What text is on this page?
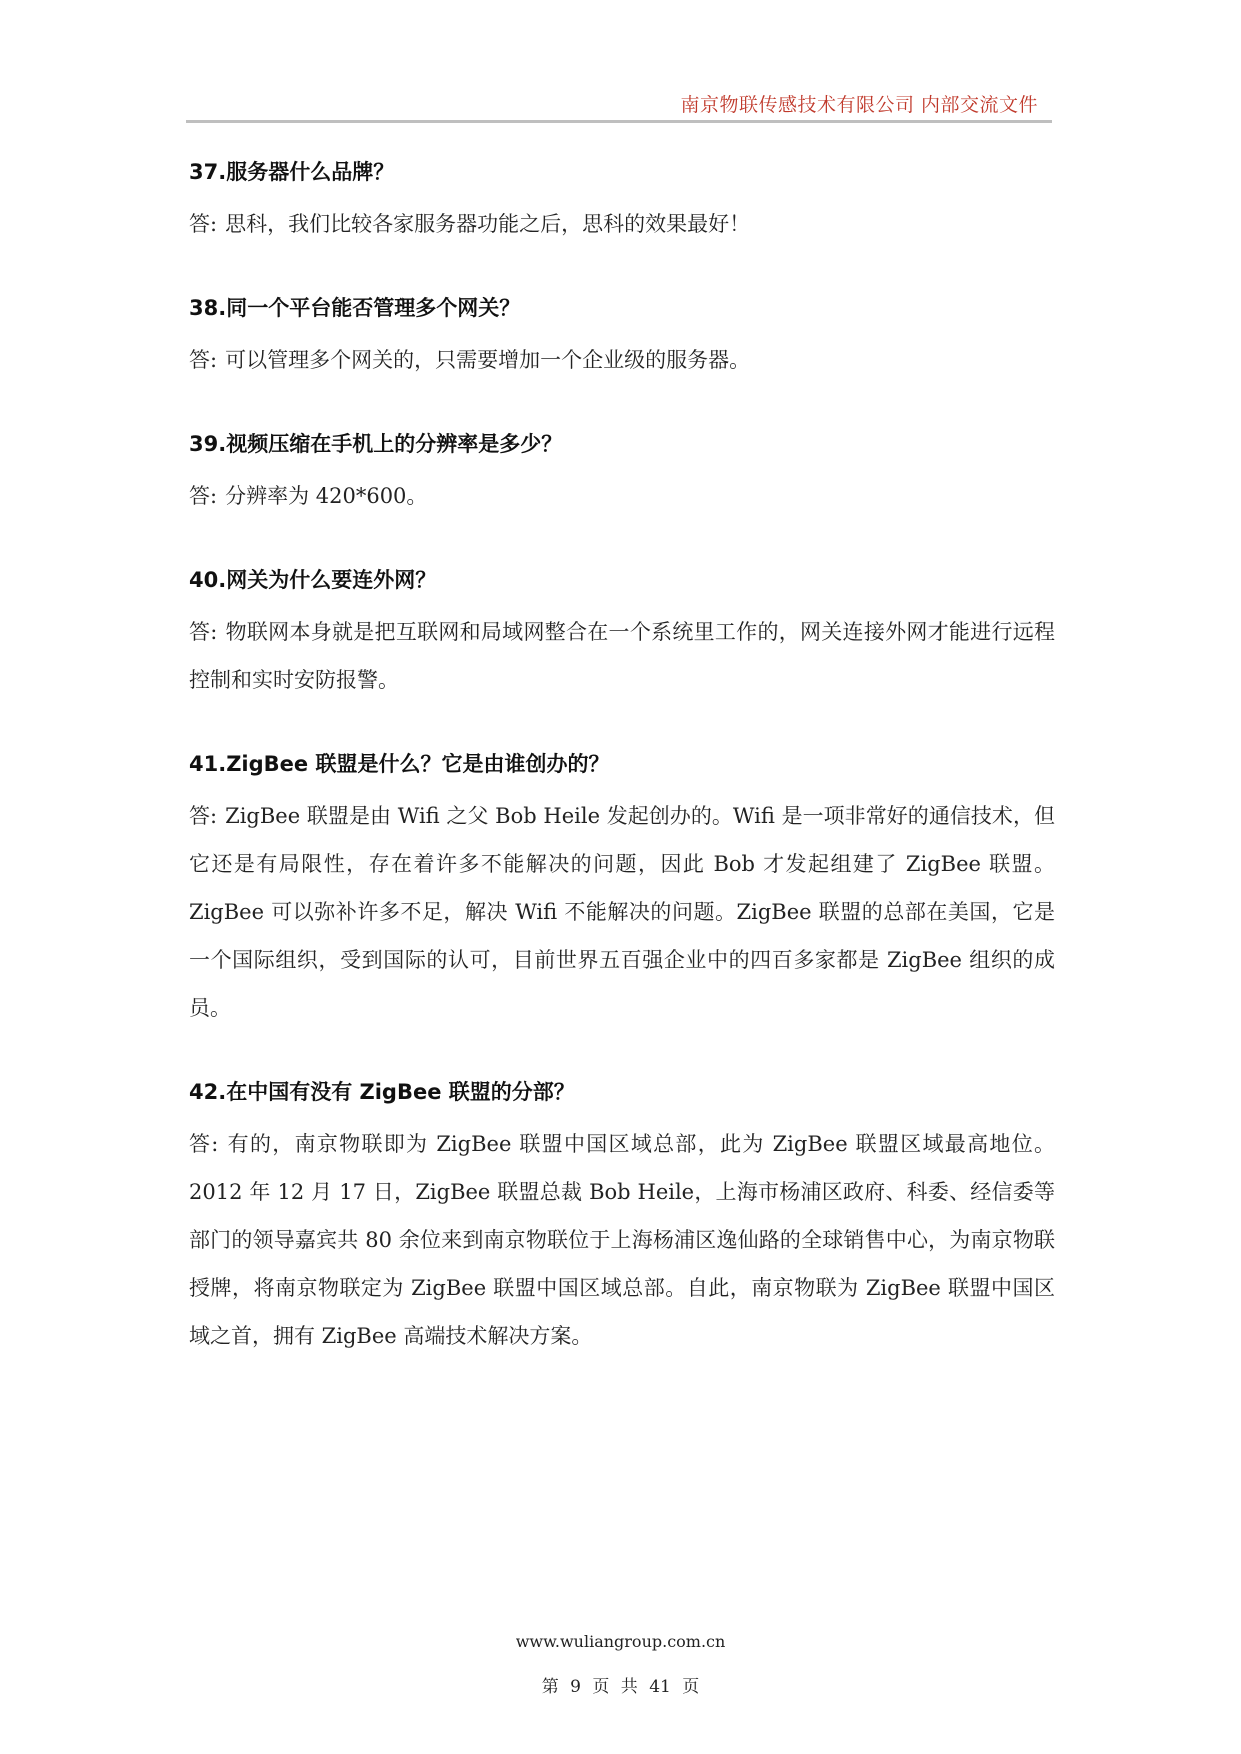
南京物联传感技术有限公司 内部交流文件

37.服务器什么品牌？

答: 思科，我们比较各家服务器功能之后，思科的效果最好！

38.同一个平台能否管理多个网关？

答: 可以管理多个网关的，只需要增加一个企业级的服务器。

39.视频压缩在手机上的分辨率是多少？

答: 分辨率为 420*600。

40.网关为什么要连外网？

答: 物联网本身就是把互联网和局域网整合在一个系统里工作的，网关连接外网才能进行远程控制和实时安防报警。

41.ZigBee 联盟是什么？它是由谁创办的？

答: ZigBee 联盟是由 Wifi 之父 Bob Heile 发起创办的。Wifi 是一项非常好的通信技术，但它还是有局限性，存在着许多不能解决的问题，因此 Bob 才发起组建了 ZigBee 联盟。ZigBee 可以弥补许多不足，解决 Wifi 不能解决的问题。ZigBee 联盟的总部在美国，它是一个国际组织，受到国际的认可，目前世界五百强企业中的四百多家都是 ZigBee 组织的成员。

42.在中国有没有 ZigBee 联盟的分部？

答: 有的，南京物联即为 ZigBee 联盟中国区域总部，此为 ZigBee 联盟区域最高地位。2012 年 12 月 17 日，ZigBee 联盟总裁 Bob Heile，上海市杨浦区政府、科委、经信委等部门的领导嘉宾共 80 余位来到南京物联位于上海杨浦区逸仙路的全球销售中心，为南京物联授牌，将南京物联定为 ZigBee 联盟中国区域总部。自此，南京物联为 ZigBee 联盟中国区域之首，拥有 ZigBee 高端技术解决方案。

www.wuliangroup.com.cn
第 9 页 共 41 页
